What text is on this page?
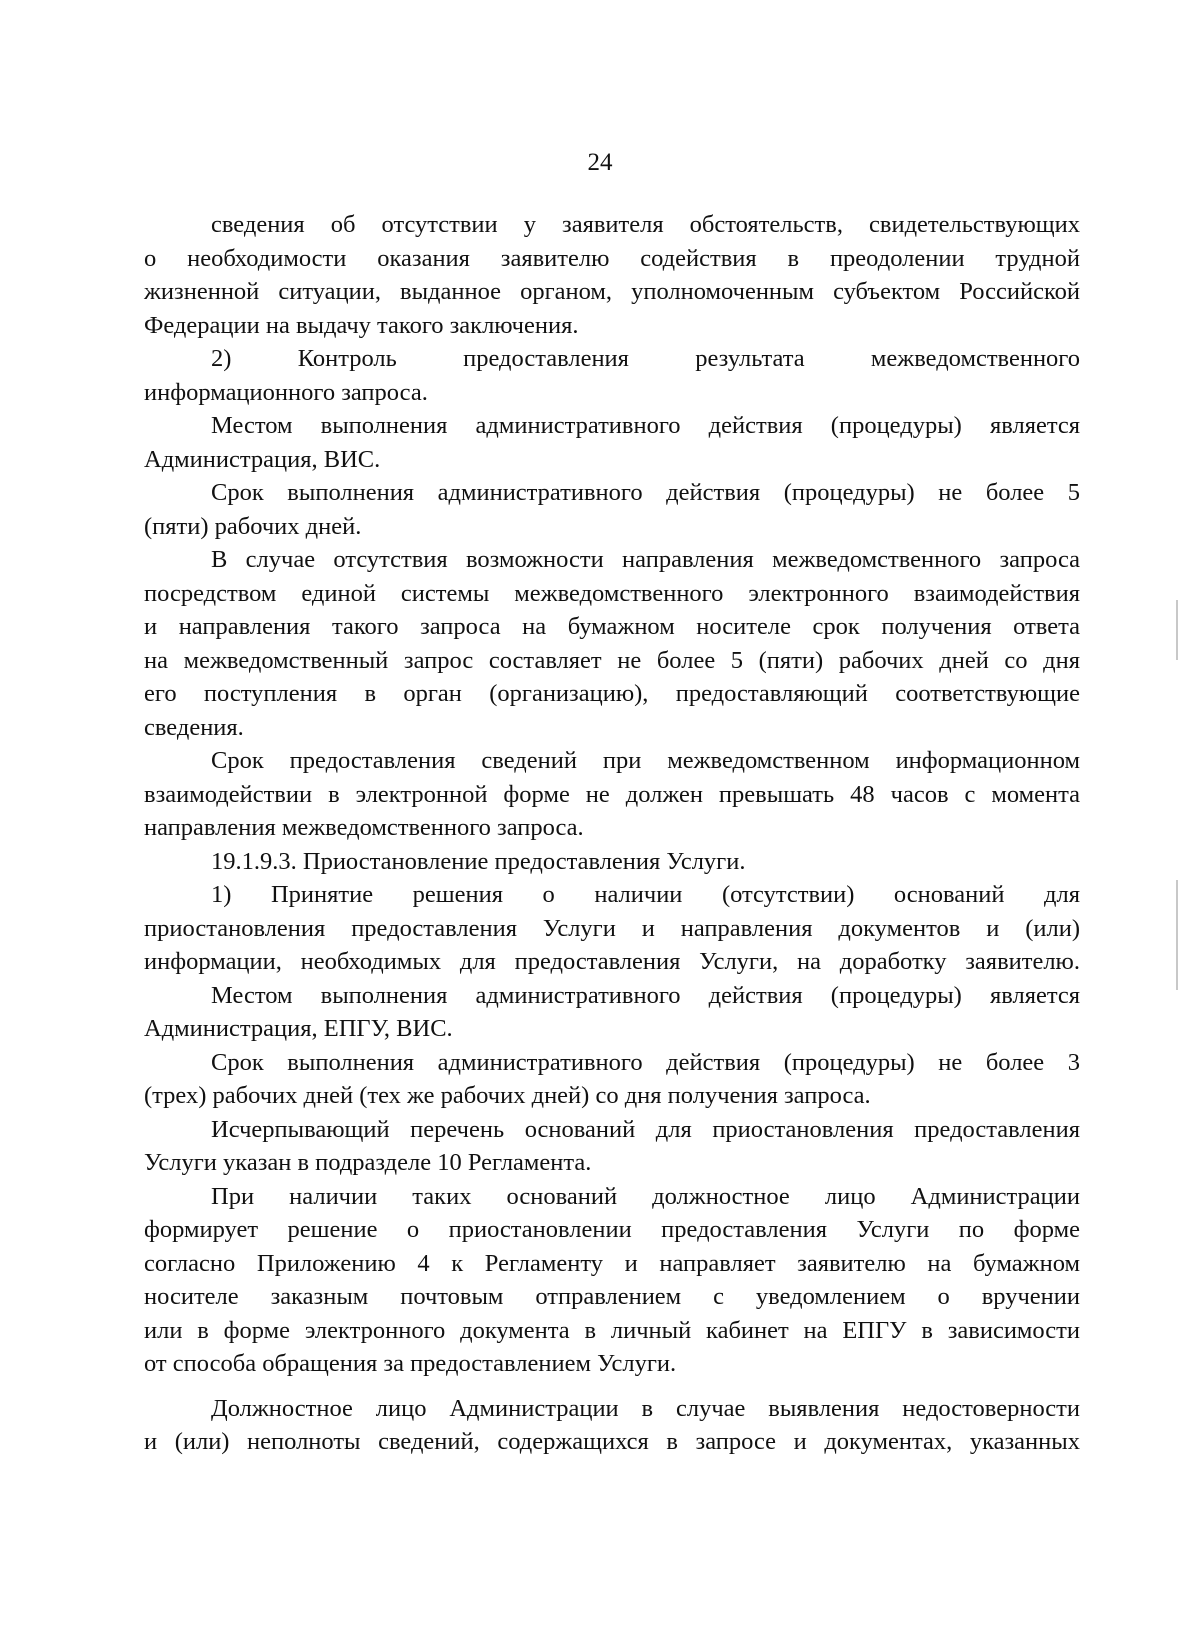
24
сведения об отсутствии у заявителя обстоятельств, свидетельствующих
о необходимости оказания заявителю содействия в преодолении трудной
жизненной ситуации, выданное органом, уполномоченным субъектом Российской
Федерации на выдачу такого заключения.
2) Контроль предоставления результата межведомственного
информационного запроса.
Местом выполнения административного действия (процедуры) является
Администрация, ВИС.
Срок выполнения административного действия (процедуры) не более 5
(пяти) рабочих дней.
В случае отсутствия возможности направления межведомственного запроса
посредством единой системы межведомственного электронного взаимодействия
и направления такого запроса на бумажном носителе срок получения ответа
на межведомственный запрос составляет не более 5 (пяти) рабочих дней со дня
его поступления в орган (организацию), предоставляющий соответствующие
сведения.
Срок предоставления сведений при межведомственном информационном
взаимодействии в электронной форме не должен превышать 48 часов с момента
направления межведомственного запроса.
19.1.9.3. Приостановление предоставления Услуги.
1) Принятие решения о наличии (отсутствии) оснований для
приостановления предоставления Услуги и направления документов и (или)
информации, необходимых для предоставления Услуги, на доработку заявителю.
Местом выполнения административного действия (процедуры) является
Администрация, ЕПГУ, ВИС.
Срок выполнения административного действия (процедуры) не более 3
(трех) рабочих дней (тех же рабочих дней) со дня получения запроса.
Исчерпывающий перечень оснований для приостановления предоставления
Услуги указан в подразделе 10 Регламента.
При наличии таких оснований должностное лицо Администрации
формирует решение о приостановлении предоставления Услуги по форме
согласно Приложению 4 к Регламенту и направляет заявителю на бумажном
носителе заказным почтовым отправлением с уведомлением о вручении
или в форме электронного документа в личный кабинет на ЕПГУ в зависимости
от способа обращения за предоставлением Услуги.
Должностное лицо Администрации в случае выявления недостоверности
и (или) неполноты сведений, содержащихся в запросе и документах, указанных
